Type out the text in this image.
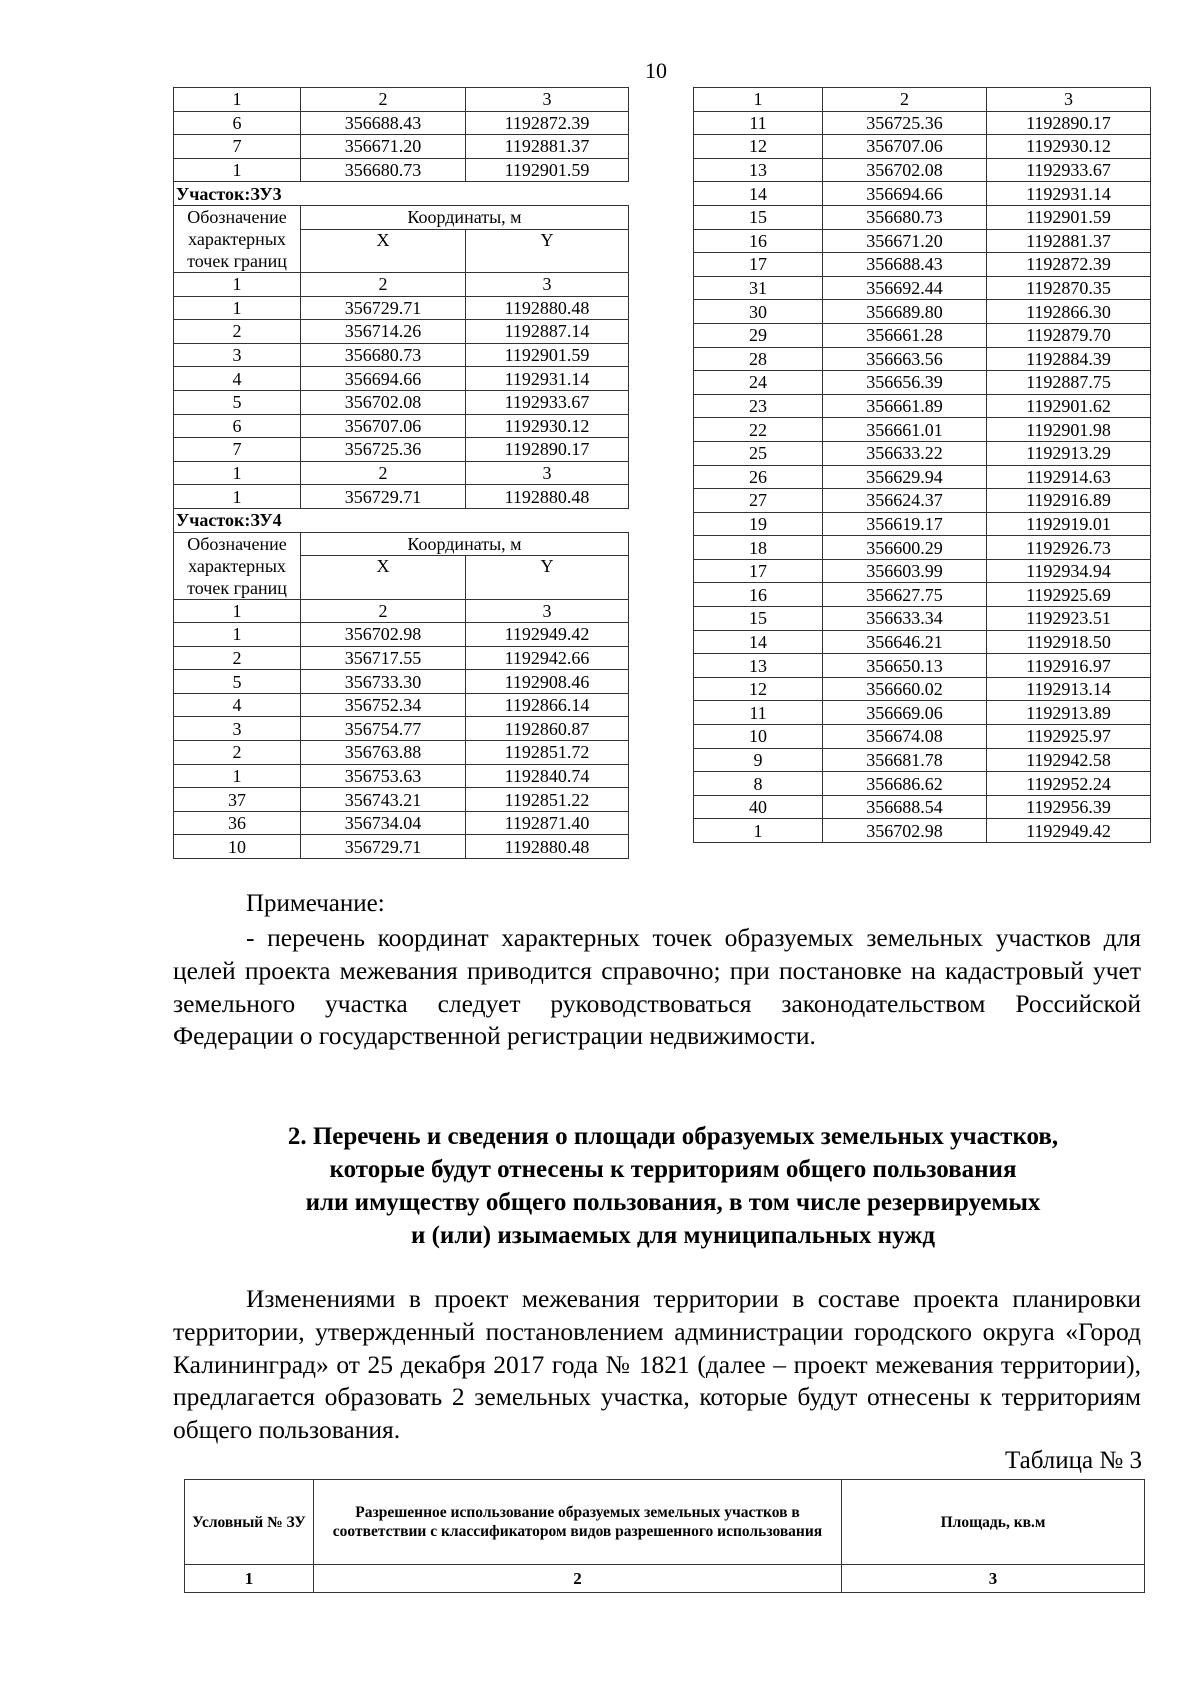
10
1	2	3
6	356688.43	1192872.39
7	356671.20	1192881.37
1	356680.73	1192901.59
Участок:ЗУ3		

Обозначение
характерных
точек границ	Координаты, м	
	X	Y

1	2	3
1	356729.71	1192880.48
2	356714.26	1192887.14
3	356680.73	1192901.59
4	356694.66	1192931.14
5	356702.08	1192933.67
6	356707.06	1192930.12
7	356725.36	1192890.17
1	2	3
1	356729.71	1192880.48
Участок:ЗУ4		

Обозначение
характерных
точек границ	Координаты, м	
	X	Y

1	2	3
1	356702.98	1192949.42
2	356717.55	1192942.66
5	356733.30	1192908.46
4	356752.34	1192866.14
3	356754.77	1192860.87
2	356763.88	1192851.72
1	356753.63	1192840.74
37	356743.21	1192851.22
36	356734.04	1192871.40
10	356729.71	1192880.48
1	2	3
11	356725.36	1192890.17
12	356707.06	1192930.12
13	356702.08	1192933.67
14	356694.66	1192931.14
15	356680.73	1192901.59
16	356671.20	1192881.37
17	356688.43	1192872.39
31	356692.44	1192870.35
30	356689.80	1192866.30
29	356661.28	1192879.70
28	356663.56	1192884.39
24	356656.39	1192887.75
23	356661.89	1192901.62
22	356661.01	1192901.98
25	356633.22	1192913.29
26	356629.94	1192914.63
27	356624.37	1192916.89
19	356619.17	1192919.01
18	356600.29	1192926.73
17	356603.99	1192934.94
16	356627.75	1192925.69
15	356633.34	1192923.51
14	356646.21	1192918.50
13	356650.13	1192916.97
12	356660.02	1192913.14
11	356669.06	1192913.89
10	356674.08	1192925.97
9	356681.78	1192942.58
8	356686.62	1192952.24
40	356688.54	1192956.39
1	356702.98	1192949.42
Примечание:
- перечень координат характерных точек образуемых земельных участков для целей проекта межевания приводится справочно; при постановке на кадастровый учет земельного участка следует руководствоваться законодательством Российской Федерации о государственной регистрации недвижимости.
2. Перечень и сведения о площади образуемых земельных участков,
которые будут отнесены к территориям общего пользования
или имуществу общего пользования, в том числе резервируемых
и (или) изымаемых для муниципальных нужд
Изменениями в проект межевания территории в составе проекта планировки территории, утвержденный постановлением администрации городского округа «Город Калининград» от 25 декабря 2017 года № 1821 (далее – проект межевания территории), предлагается образовать 2 земельных участка, которые будут отнесены к территориям общего пользования.
Таблица № 3
Условный № ЗУ	Разрешенное использование образуемых земельных участков в соответствии с классификатором видов разрешенного использования	Площадь, кв.м
1	2	3
